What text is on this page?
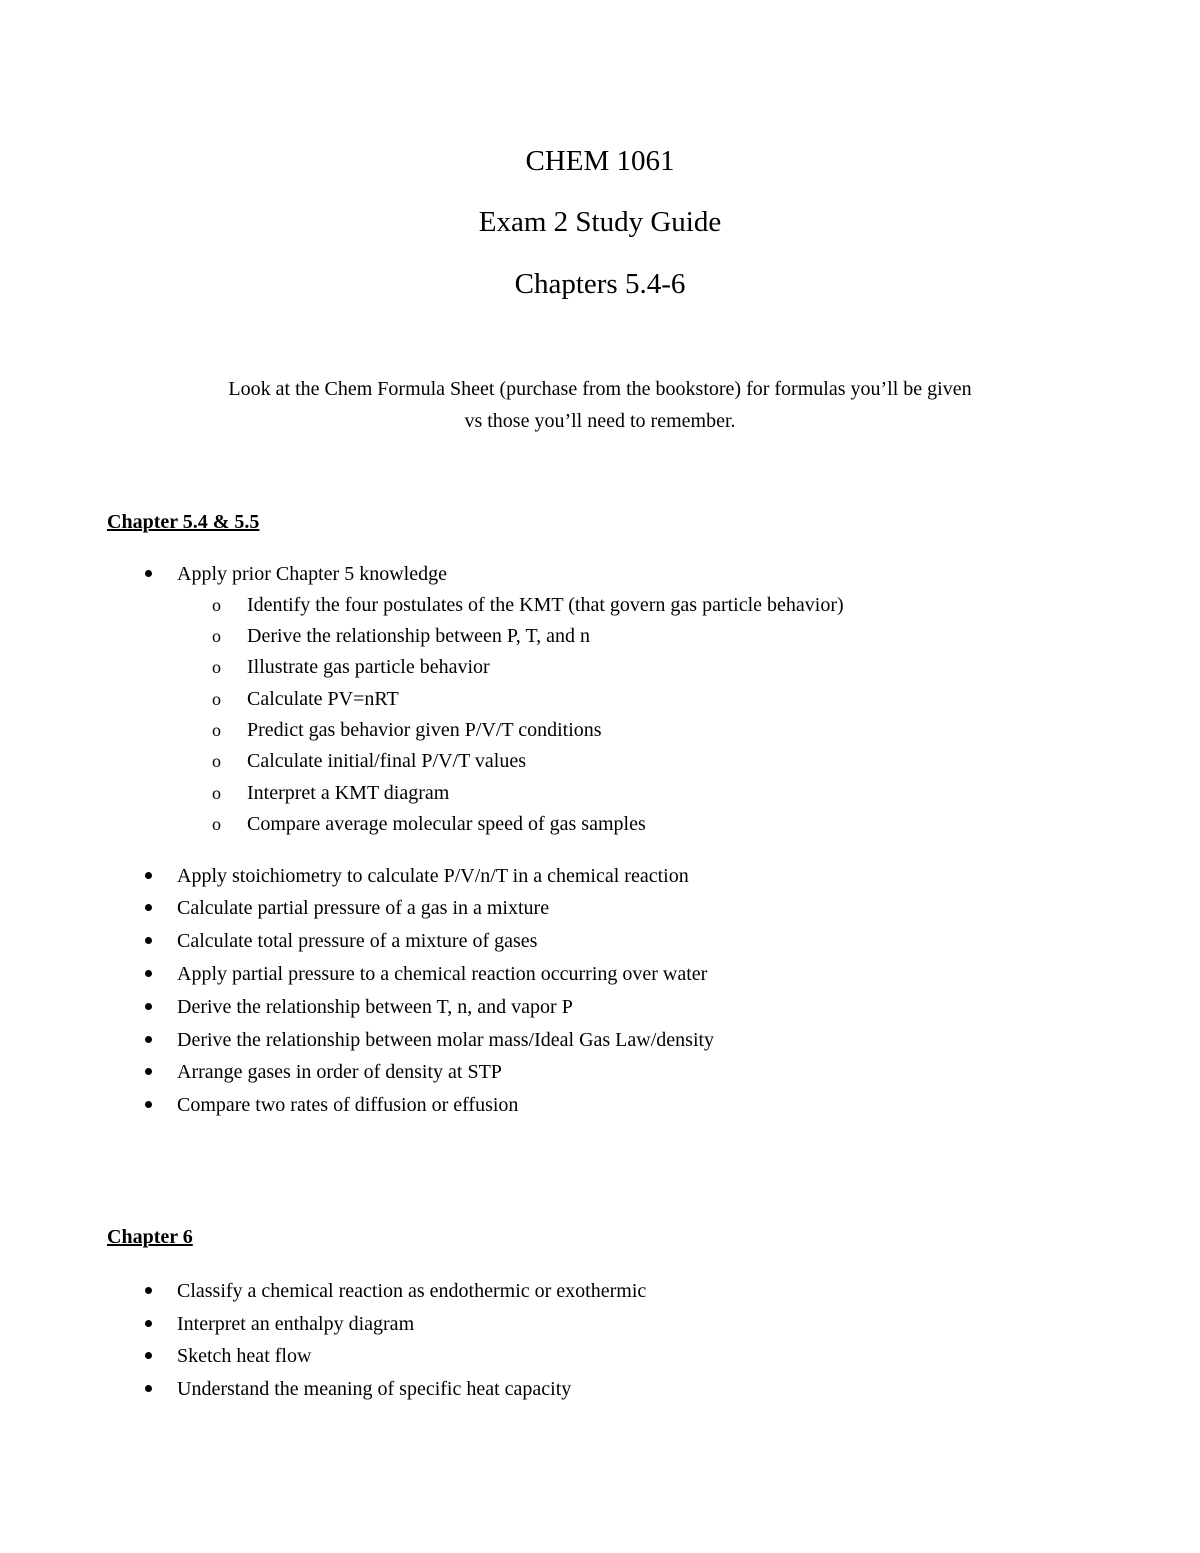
CHEM 1061
Exam 2 Study Guide
Chapters 5.4-6
Look at the Chem Formula Sheet (purchase from the bookstore) for formulas you’ll be given
vs those you’ll need to remember.
Chapter 5.4 & 5.5
Apply prior Chapter 5 knowledge
o Identify the four postulates of the KMT (that govern gas particle behavior)
o Derive the relationship between P, T, and n
o Illustrate gas particle behavior
o Calculate PV=nRT
o Predict gas behavior given P/V/T conditions
o Calculate initial/final P/V/T values
o Interpret a KMT diagram
o Compare average molecular speed of gas samples
Apply stoichiometry to calculate P/V/n/T in a chemical reaction
Calculate partial pressure of a gas in a mixture
Calculate total pressure of a mixture of gases
Apply partial pressure to a chemical reaction occurring over water
Derive the relationship between T, n, and vapor P
Derive the relationship between molar mass/Ideal Gas Law/density
Arrange gases in order of density at STP
Compare two rates of diffusion or effusion
Chapter 6
Classify a chemical reaction as endothermic or exothermic
Interpret an enthalpy diagram
Sketch heat flow
Understand the meaning of specific heat capacity
